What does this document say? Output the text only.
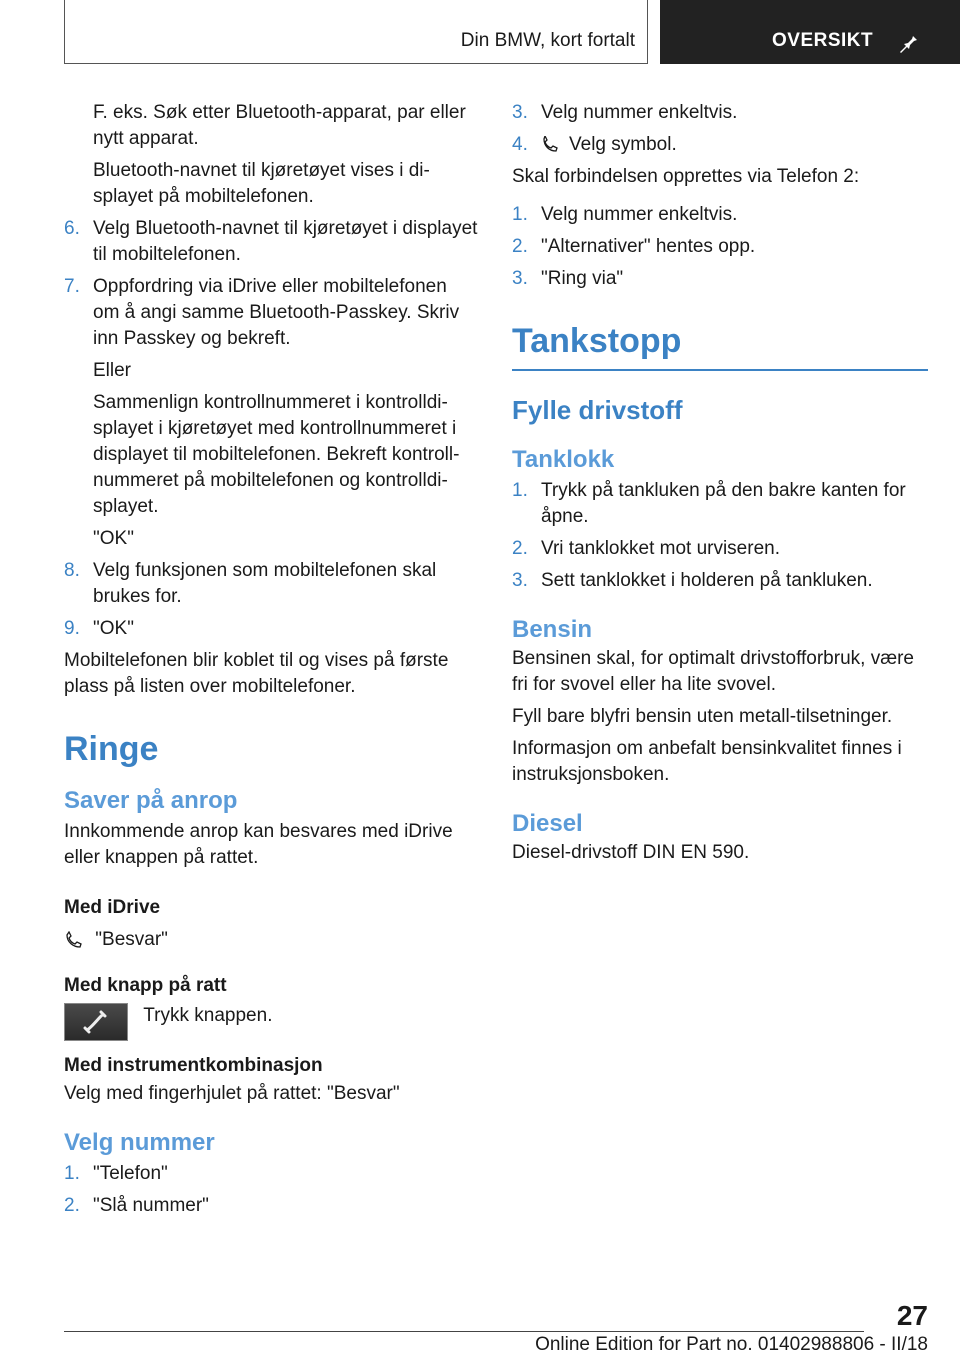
Din BMW, kort fortalt	OVERSIKT

F. eks. Søk etter Bluetooth-apparat, par eller nytt apparat.

Bluetooth-navnet til kjøretøyet vises i displayet på mobiltelefonen.

6. Velg Bluetooth-navnet til kjøretøyet i displayet til mobiltelefonen.
7. Oppfordring via iDrive eller mobiltelefonen om å angi samme Bluetooth-Passkey. Skriv inn Passkey og bekreft.

Eller

Sammenlign kontrollnummeret i kontrolldisplayet i kjøretøyet med kontrollnummeret i displayet til mobiltelefonen. Bekreft kontrollnummeret på mobiltelefonen og kontrolldisplayet.

"OK"

8. Velg funksjonen som mobiltelefonen skal brukes for.
9. "OK"

Mobiltelefonen blir koblet til og vises på første plass på listen over mobiltelefoner.

Ringe
Saver på anrop

Innkommende anrop kan besvares med iDrive eller knappen på rattet.

Med iDrive
"Besvar"
Med knapp på ratt
Trykk knappen.
Med instrumentkombinasjon

Velg med fingerhjulet på rattet: "Besvar"

Velg nummer
1. "Telefon"
2. "Slå nummer"
3. Velg nummer enkeltvis.
4. Velg symbol.

Skal forbindelsen opprettes via Telefon 2:

1. Velg nummer enkeltvis.
2. "Alternativer" hentes opp.
3. "Ring via"
Tankstopp
Fylle drivstoff
Tanklokk
1. Trykk på tankluken på den bakre kanten for åpne.
2. Vri tanklokket mot urviseren.
3. Sett tanklokket i holderen på tankluken.
Bensin

Bensinen skal, for optimalt drivstofforbruk, være fri for svovel eller ha lite svovel.

Fyll bare blyfri bensin uten metall-tilsetninger.

Informasjon om anbefalt bensinkvalitet finnes i instruksjonsboken.

Diesel

Diesel-drivstoff DIN EN 590.

27
Online Edition for Part no. 01402988806 - II/18
